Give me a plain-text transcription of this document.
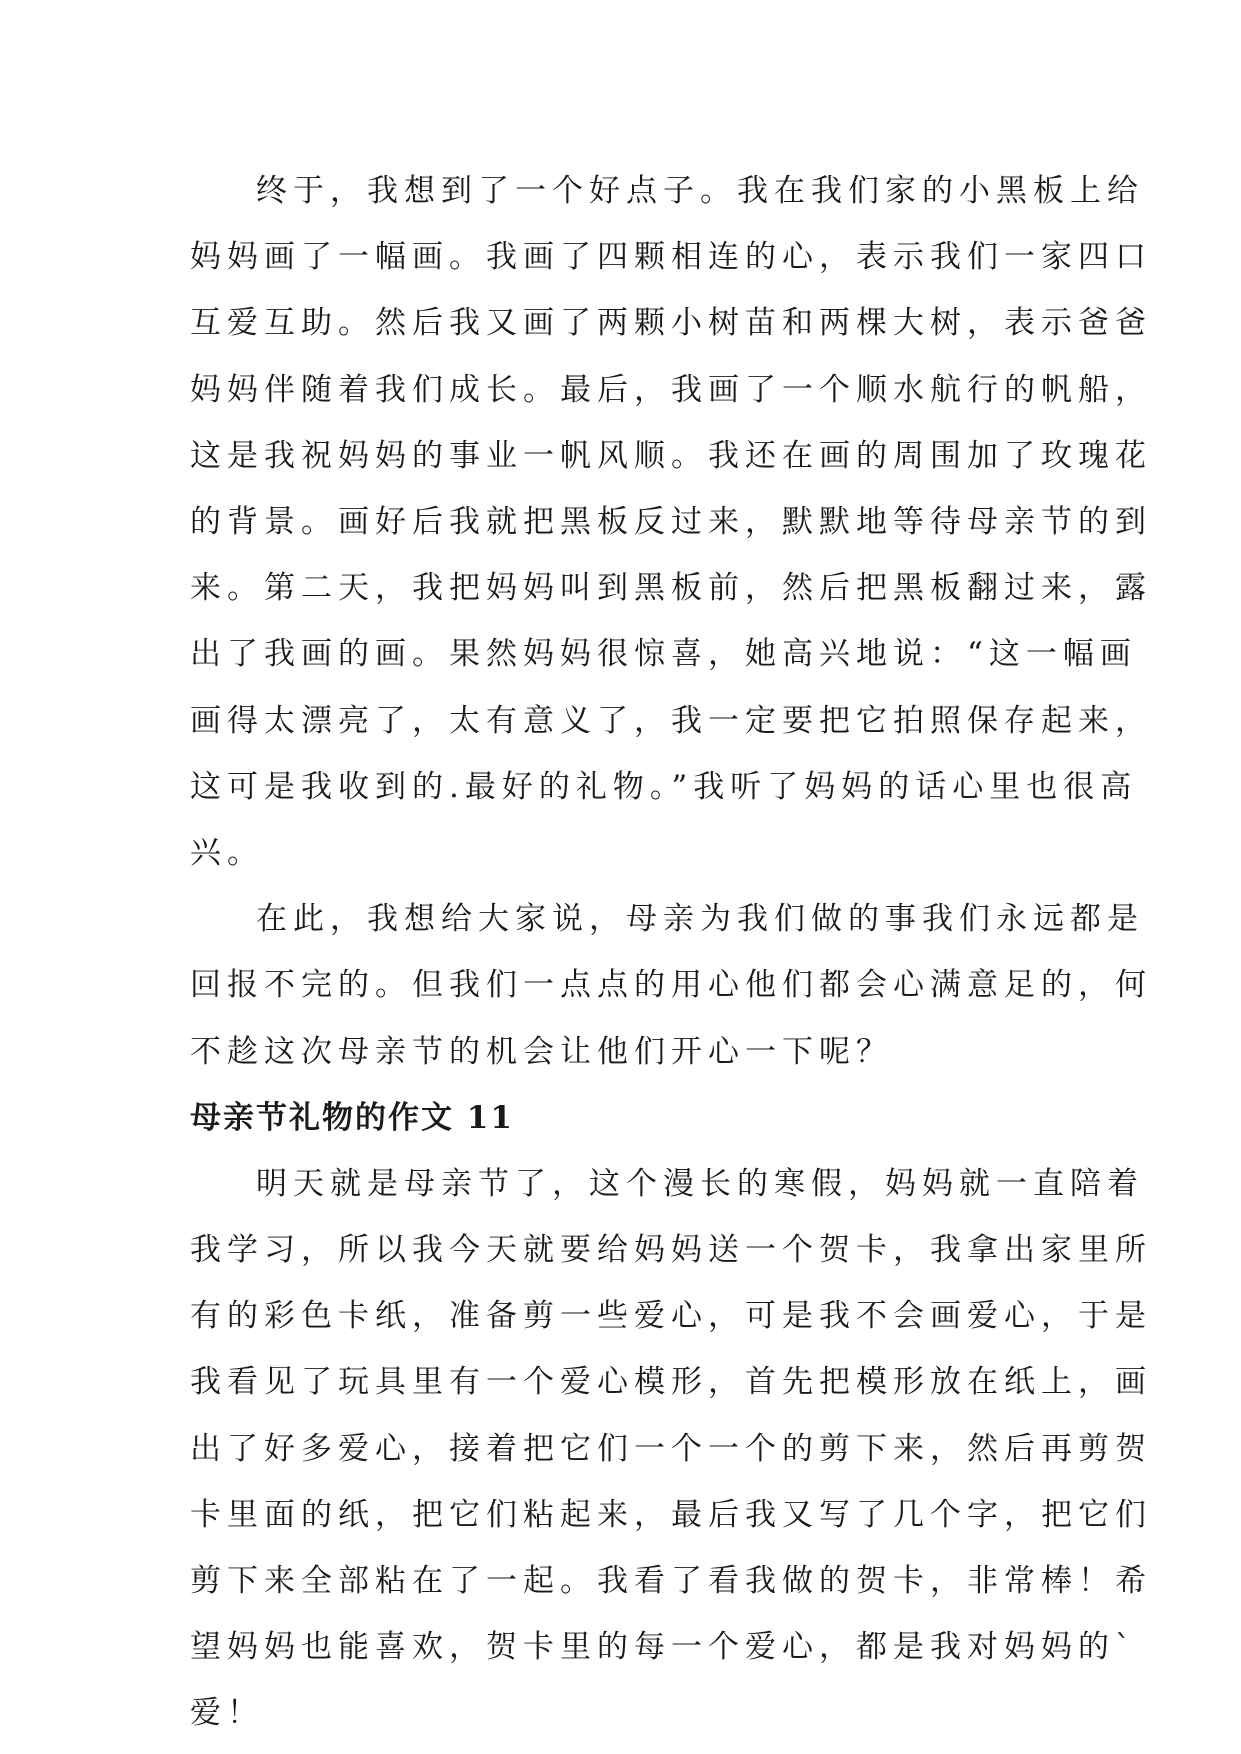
终于，我想到了一个好点子。我在我们家的小黑板上给
妈妈画了一幅画。我画了四颗相连的心，表示我们一家四口
互爱互助。然后我又画了两颗小树苗和两棵大树，表示爸爸
妈妈伴随着我们成长。最后，我画了一个顺水航行的帆船，
这是我祝妈妈的事业一帆风顺。我还在画的周围加了玫瑰花
的背景。画好后我就把黑板反过来，默默地等待母亲节的到
来。第二天，我把妈妈叫到黑板前，然后把黑板翻过来，露
出了我画的画。果然妈妈很惊喜，她高兴地说：“这一幅画
画得太漂亮了，太有意义了，我一定要把它拍照保存起来，
这可是我收到的.最好的礼物。”我听了妈妈的话心里也很高
兴。

在此，我想给大家说，母亲为我们做的事我们永远都是
回报不完的。但我们一点点的用心他们都会心满意足的，何
不趁这次母亲节的机会让他们开心一下呢？

母亲节礼物的作文 11

明天就是母亲节了，这个漫长的寒假，妈妈就一直陪着
我学习，所以我今天就要给妈妈送一个贺卡，我拿出家里所
有的彩色卡纸，准备剪一些爱心，可是我不会画爱心，于是
我看见了玩具里有一个爱心模形，首先把模形放在纸上，画
出了好多爱心，接着把它们一个一个的剪下来，然后再剪贺
卡里面的纸，把它们粘起来，最后我又写了几个字，把它们
剪下来全部粘在了一起。我看了看我做的贺卡，非常棒！希
望妈妈也能喜欢，贺卡里的每一个爱心，都是我对妈妈的`
爱！
